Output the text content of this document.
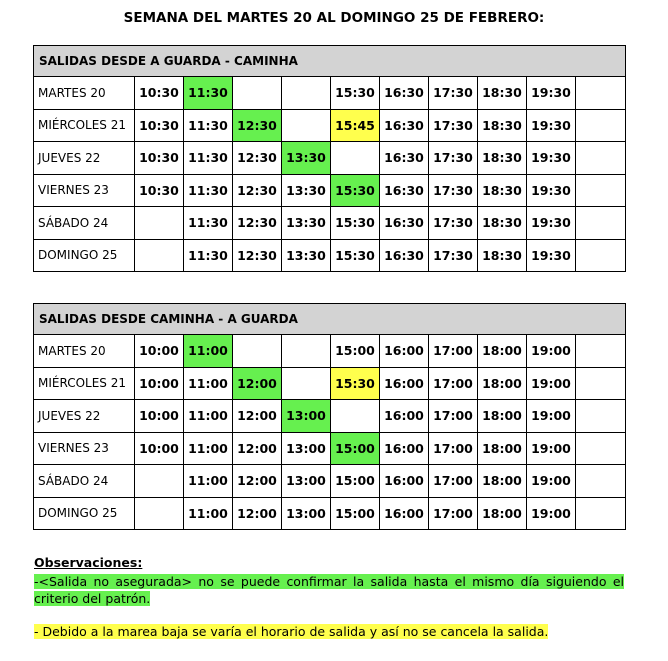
SEMANA DEL MARTES 20 AL DOMINGO 25 DE FEBRERO:
SALIDAS DESDE A GUARDA - CAMINHA										
MARTES 20	10:30	11:30			15:30	16:30	17:30	18:30	19:30	
MIÉRCOLES 21	10:30	11:30	12:30		15:45	16:30	17:30	18:30	19:30	
JUEVES 22	10:30	11:30	12:30	13:30		16:30	17:30	18:30	19:30	
VIERNES 23	10:30	11:30	12:30	13:30	15:30	16:30	17:30	18:30	19:30	
SÁBADO 24		11:30	12:30	13:30	15:30	16:30	17:30	18:30	19:30	
DOMINGO 25		11:30	12:30	13:30	15:30	16:30	17:30	18:30	19:30	
SALIDAS DESDE CAMINHA - A GUARDA										
MARTES 20	10:00	11:00			15:00	16:00	17:00	18:00	19:00	
MIÉRCOLES 21	10:00	11:00	12:00		15:30	16:00	17:00	18:00	19:00	
JUEVES 22	10:00	11:00	12:00	13:00		16:00	17:00	18:00	19:00	
VIERNES 23	10:00	11:00	12:00	13:00	15:00	16:00	17:00	18:00	19:00	
SÁBADO 24		11:00	12:00	13:00	15:00	16:00	17:00	18:00	19:00	
DOMINGO 25		11:00	12:00	13:00	15:00	16:00	17:00	18:00	19:00	
Observaciones:
-<Salida no asegurada> no se puede confirmar la salida hasta el mismo día siguiendo el criterio del patrón.
- Debido a la marea baja se varía el horario de salida y así no se cancela la salida.
